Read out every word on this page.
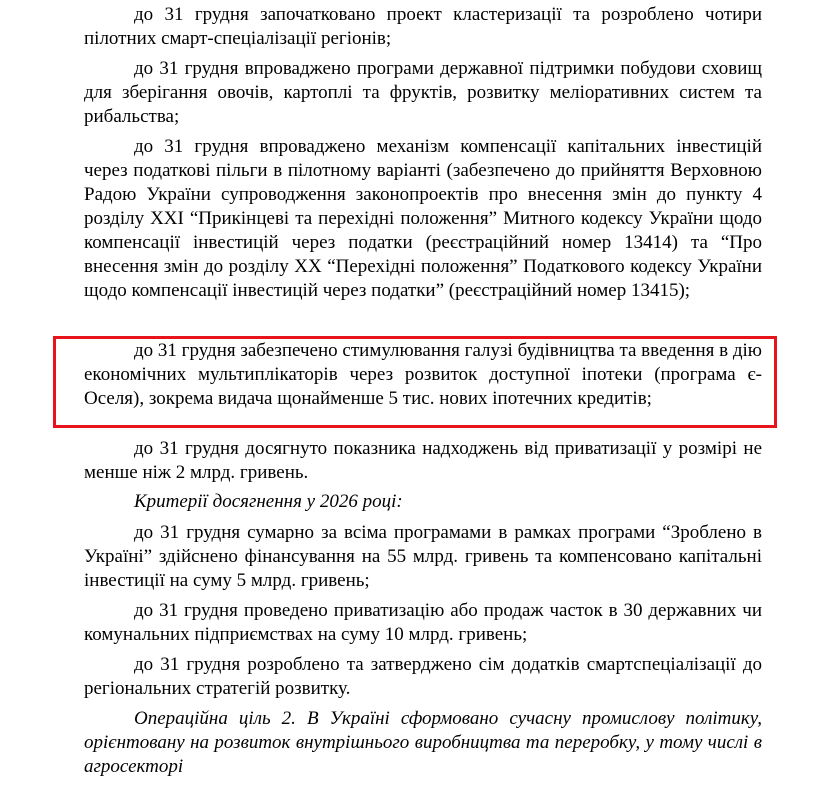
до 31 грудня започатковано проект кластеризації та розроблено чотири пілотних смарт-спеціалізації регіонів;

до 31 грудня впроваджено програми державної підтримки побудови сховищ для зберігання овочів, картоплі та фруктів, розвитку меліоративних систем та рибальства;

до 31 грудня впроваджено механізм компенсації капітальних інвестицій через податкові пільги в пілотному варіанті (забезпечено до прийняття Верховною Радою України супроводження законопроектів про внесення змін до пункту 4 розділу XXI “Прикінцеві та перехідні положення” Митного кодексу України щодо компенсації інвестицій через податки (реєстраційний номер 13414) та “Про внесення змін до розділу XX “Перехідні положення” Податкового кодексу України щодо компенсації інвестицій через податки” (реєстраційний номер 13415);

до 31 грудня забезпечено стимулювання галузі будівництва та введення в дію економічних мультиплікаторів через розвиток доступної іпотеки (програма є-Оселя), зокрема видача щонайменше 5 тис. нових іпотечних кредитів;

до 31 грудня досягнуто показника надходжень від приватизації у розмірі не менше ніж 2 млрд. гривень.

Критерії досягнення у 2026 році:

до 31 грудня сумарно за всіма програмами в рамках програми “Зроблено в Україні” здійснено фінансування на 55 млрд. гривень та компенсовано капітальні інвестиції на суму 5 млрд. гривень;

до 31 грудня проведено приватизацію або продаж часток в 30 державних чи комунальних підприємствах на суму 10 млрд. гривень;

до 31 грудня розроблено та затверджено сім додатків смартспеціалізації до регіональних стратегій розвитку.

Операційна ціль 2. В Україні сформовано сучасну промислову політику, орієнтовану на розвиток внутрішнього виробництва та переробку, у тому числі в агросекторі
